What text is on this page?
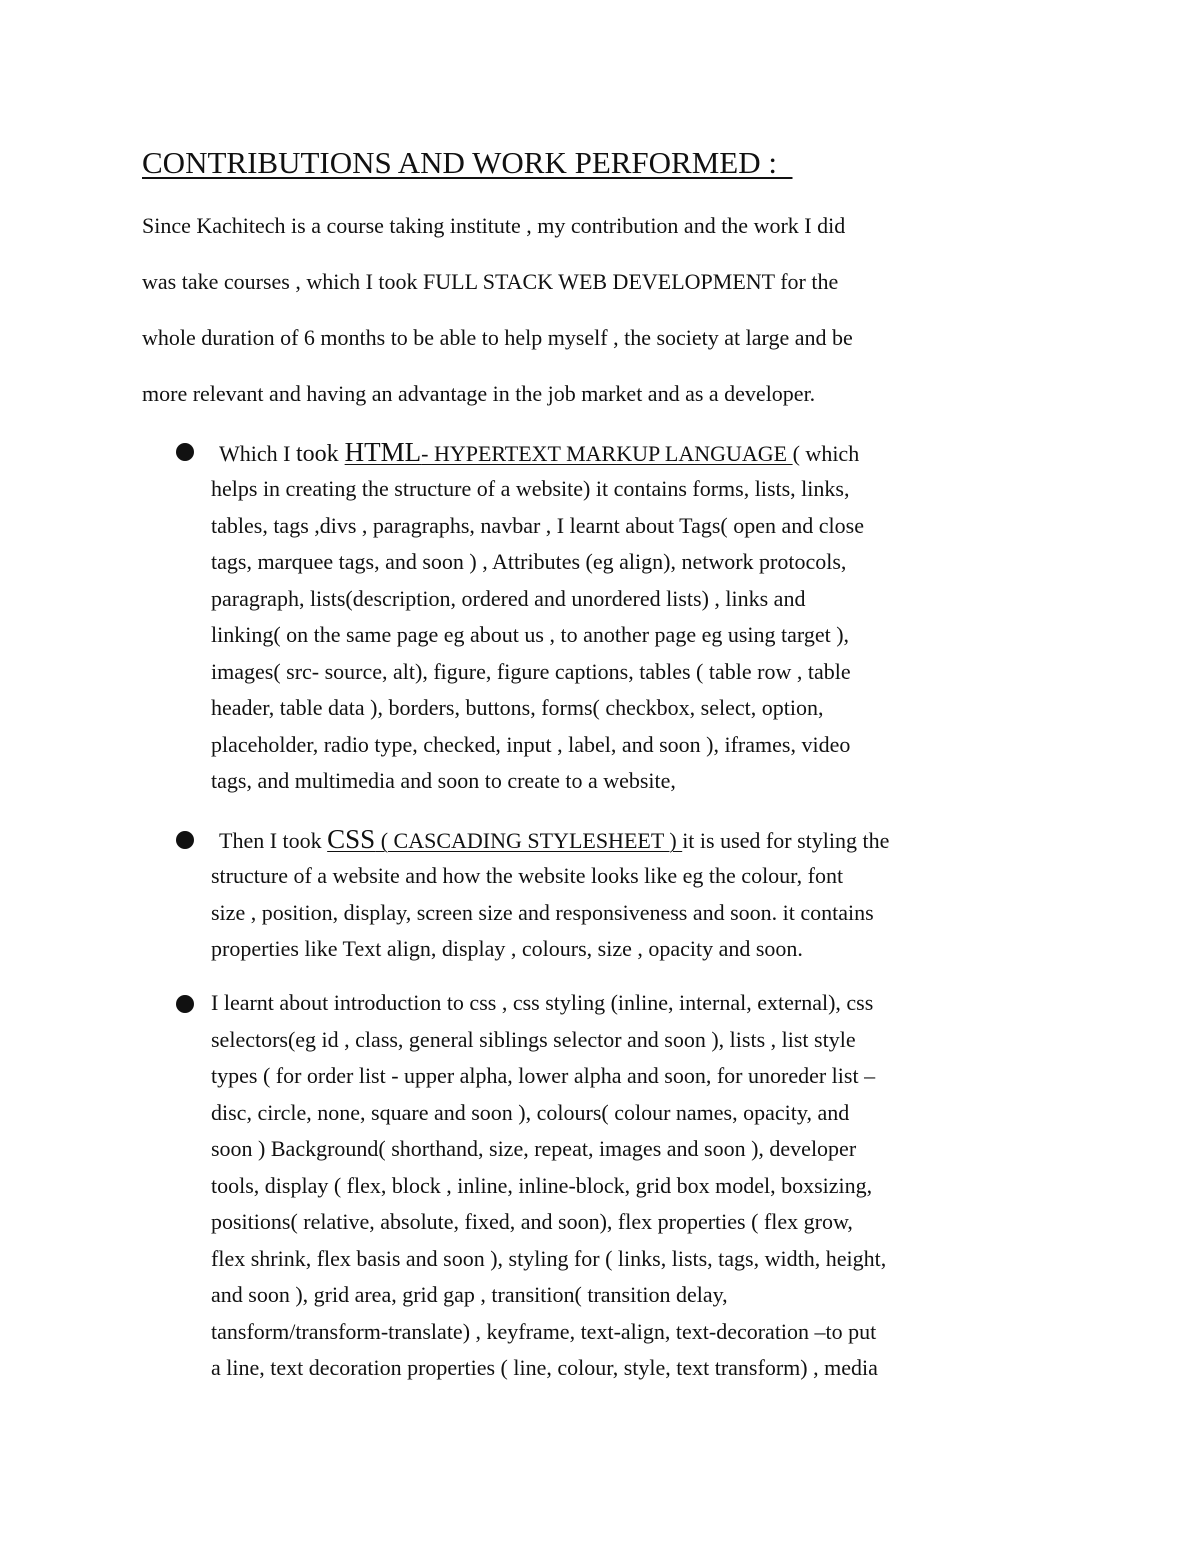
CONTRIBUTIONS AND WORK PERFORMED :
Since Kachitech is a course taking institute , my contribution and the work I did
was take courses , which I took FULL STACK WEB DEVELOPMENT for the
whole duration of 6 months to be able to help myself , the society at large and be
more relevant and having an advantage in the job market and as a developer.
Which I took HTML- HYPERTEXT MARKUP LANGUAGE ( which
helps in creating the structure of a website) it contains forms, lists, links,
tables, tags ,divs , paragraphs, navbar , I learnt about Tags( open and close
tags, marquee tags, and soon ) , Attributes (eg align), network protocols,
paragraph, lists(description, ordered and unordered lists) , links and
linking( on the same page eg about us , to another page eg using target ),
images( src- source, alt), figure, figure captions, tables ( table row , table
header, table data ), borders, buttons, forms( checkbox, select, option,
placeholder, radio type, checked, input , label, and soon ), iframes, video
tags, and multimedia and soon to create to a website,
Then I took CSS ( CASCADING STYLESHEET ) it is used for styling the
structure of a website and how the website looks like eg the colour, font
size , position, display, screen size and responsiveness and soon. it contains
properties like Text align, display , colours, size , opacity and soon.
I learnt about introduction to css , css styling (inline, internal, external), css
selectors(eg id , class, general siblings selector and soon ), lists , list style
types ( for order list - upper alpha, lower alpha and soon, for unoreder list –
disc, circle, none, square and soon ), colours( colour names, opacity, and
soon ) Background( shorthand, size, repeat, images and soon ), developer
tools, display ( flex, block , inline, inline-block, grid box model, boxsizing,
positions( relative, absolute, fixed, and soon), flex properties ( flex grow,
flex shrink, flex basis and soon ), styling for ( links, lists, tags, width, height,
and soon ), grid area, grid gap , transition( transition delay,
tansform/transform-translate) , keyframe, text-align, text-decoration –to put
a line, text decoration properties ( line, colour, style, text transform) , media
